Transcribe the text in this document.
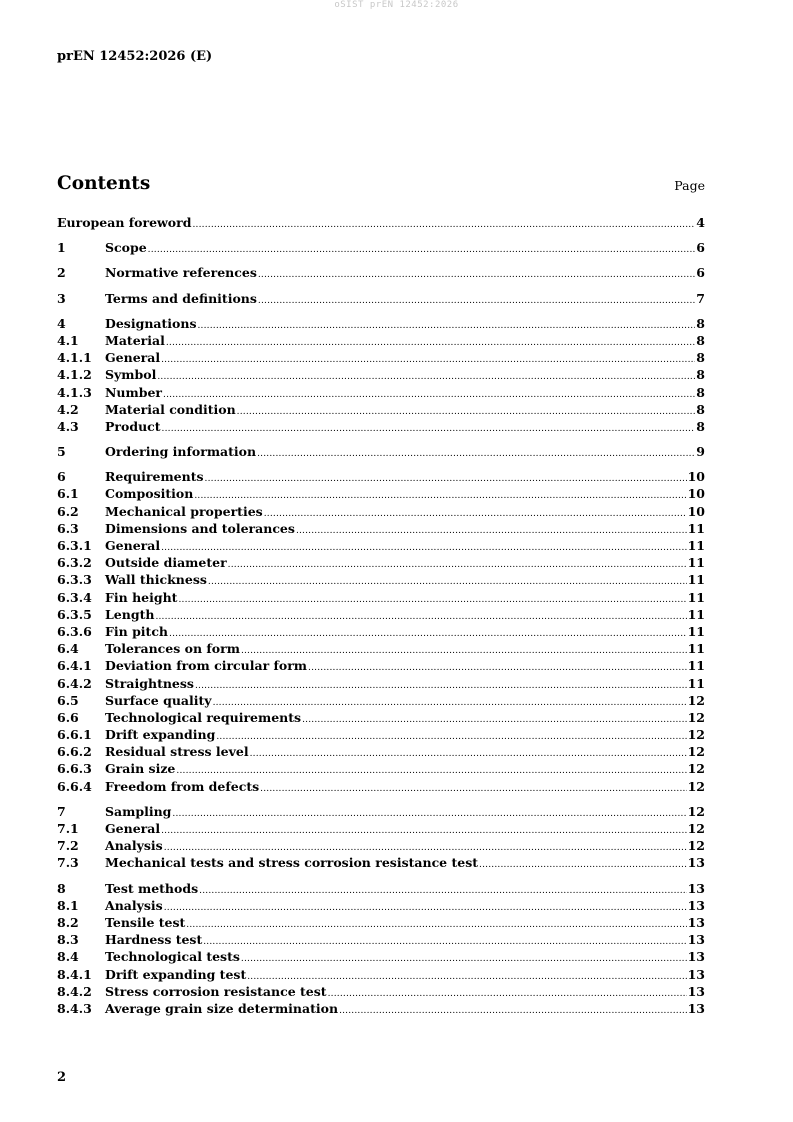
oSIST prEN 12452:2026
prEN 12452:2026 (E)
Contents	Page
European foreword .....	4
1	Scope .....	6
2	Normative references .....	6
3	Terms and definitions .....	7
4	Designations .....	8
4.1	Material .....	8
4.1.1	General .....	8
4.1.2	Symbol .....	8
4.1.3	Number .....	8
4.2	Material condition .....	8
4.3	Product .....	8
5	Ordering information .....	9
6	Requirements .....	10
6.1	Composition .....	10
6.2	Mechanical properties .....	10
6.3	Dimensions and tolerances .....	11
6.3.1	General .....	11
6.3.2	Outside diameter .....	11
6.3.3	Wall thickness .....	11
6.3.4	Fin height .....	11
6.3.5	Length .....	11
6.3.6	Fin pitch .....	11
6.4	Tolerances on form .....	11
6.4.1	Deviation from circular form .....	11
6.4.2	Straightness .....	11
6.5	Surface quality .....	12
6.6	Technological requirements .....	12
6.6.1	Drift expanding .....	12
6.6.2	Residual stress level .....	12
6.6.3	Grain size .....	12
6.6.4	Freedom from defects .....	12
7	Sampling .....	12
7.1	General .....	12
7.2	Analysis .....	12
7.3	Mechanical tests and stress corrosion resistance test .....	13
8	Test methods .....	13
8.1	Analysis .....	13
8.2	Tensile test .....	13
8.3	Hardness test .....	13
8.4	Technological tests .....	13
8.4.1	Drift expanding test .....	13
8.4.2	Stress corrosion resistance test .....	13
8.4.3	Average grain size determination .....	13
2
